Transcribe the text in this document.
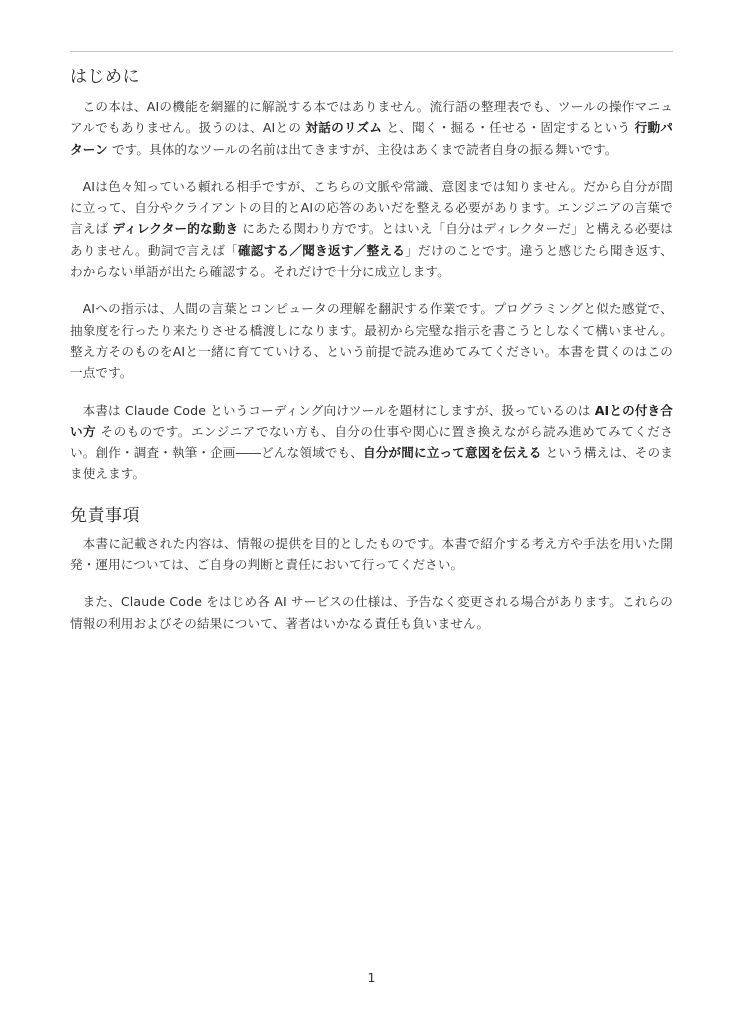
はじめに

この本は、AIの機能を網羅的に解説する本ではありません。流行語の整理表でも、ツールの操作マニュアルでもありません。扱うのは、AIとの 対話のリズム と、聞く・掘る・任せる・固定するという 行動パターン です。具体的なツールの名前は出てきますが、主役はあくまで読者自身の振る舞いです。

AIは色々知っている頼れる相手ですが、こちらの文脈や常識、意図までは知りません。だから自分が間に立って、自分やクライアントの目的とAIの応答のあいだを整える必要があります。エンジニアの言葉で言えば ディレクター的な動き にあたる関わり方です。とはいえ「自分はディレクターだ」と構える必要はありません。動詞で言えば「確認する／聞き返す／整える」だけのことです。違うと感じたら聞き返す、わからない単語が出たら確認する。それだけで十分に成立します。

AIへの指示は、人間の言葉とコンピュータの理解を翻訳する作業です。プログラミングと似た感覚で、抽象度を行ったり来たりさせる橋渡しになります。最初から完璧な指示を書こうとしなくて構いません。整え方そのものをAIと一緒に育てていける、という前提で読み進めてみてください。本書を貫くのはこの一点です。

本書は Claude Code というコーディング向けツールを題材にしますが、扱っているのは AIとの付き合い方 そのものです。エンジニアでない方も、自分の仕事や関心に置き換えながら読み進めてみてください。創作・調査・執筆・企画――どんな領域でも、自分が間に立って意図を伝える という構えは、そのまま使えます。

免責事項

本書に記載された内容は、情報の提供を目的としたものです。本書で紹介する考え方や手法を用いた開発・運用については、ご自身の判断と責任において行ってください。

また、Claude Code をはじめ各 AI サービスの仕様は、予告なく変更される場合があります。これらの情報の利用およびその結果について、著者はいかなる責任も負いません。

1
